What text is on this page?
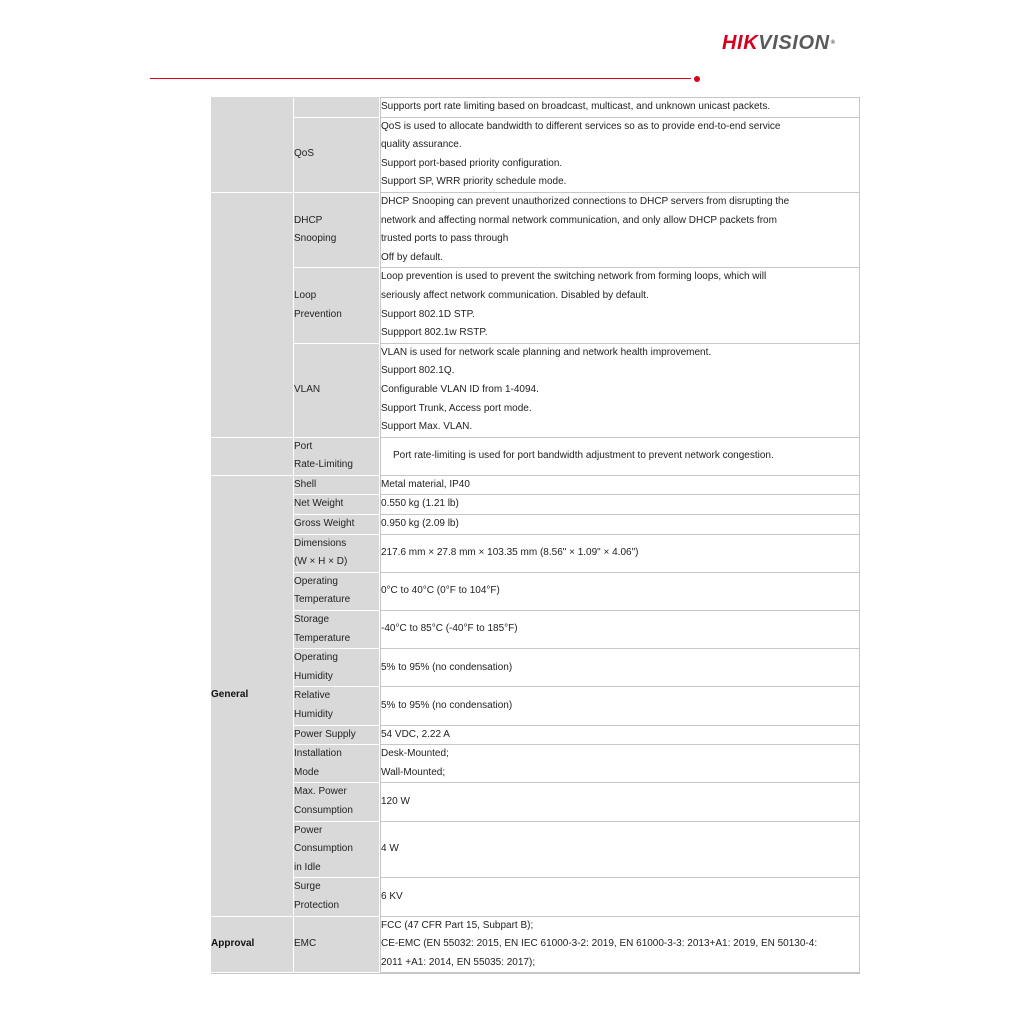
HIKVISION®
		Supports port rate limiting based on broadcast, multicast, and unknown unicast packets.
	QoS	QoS is used to allocate bandwidth to different services so as to provide end-to-end service
quality assurance.
Support port-based priority configuration.
Support SP, WRR priority schedule mode.
	DHCP
Snooping	DHCP Snooping can prevent unauthorized connections to DHCP servers from disrupting the
network and affecting normal network communication, and only allow DHCP packets from
trusted ports to pass through
Off by default.
	Loop
Prevention	Loop prevention is used to prevent the switching network from forming loops, which will
seriously affect network communication. Disabled by default.
Support 802.1D STP.
Suppport 802.1w RSTP.
	VLAN	VLAN is used for network scale planning and network health improvement.
Support 802.1Q.
Configurable VLAN ID from 1-4094.
Support Trunk, Access port mode.
Support Max. VLAN.
	Port
Rate-Limiting	Port rate-limiting is used for port bandwidth adjustment to prevent network congestion.
General	Shell	Metal material, IP40
	Net Weight	0.550 kg (1.21 lb)
	Gross Weight	0.950 kg (2.09 lb)
	Dimensions
(W × H × D)	217.6 mm × 27.8 mm × 103.35 mm (8.56" × 1.09" × 4.06")
	Operating
Temperature	0°C to 40°C (0°F to 104°F)
	Storage
Temperature	-40°C to 85°C (-40°F to 185°F)
	Operating
Humidity	5% to 95% (no condensation)
	Relative
Humidity	5% to 95% (no condensation)
	Power Supply	54 VDC, 2.22 A
	Installation
Mode	Desk-Mounted;
Wall-Mounted;
	Max. Power
Consumption	120 W
	Power
Consumption
in Idle	4 W
	Surge
Protection	6 KV
Approval	EMC	FCC (47 CFR Part 15, Subpart B);
CE-EMC (EN 55032: 2015, EN IEC 61000-3-2: 2019, EN 61000-3-3: 2013+A1: 2019, EN 50130-4:
2011 +A1: 2014, EN 55035: 2017);
